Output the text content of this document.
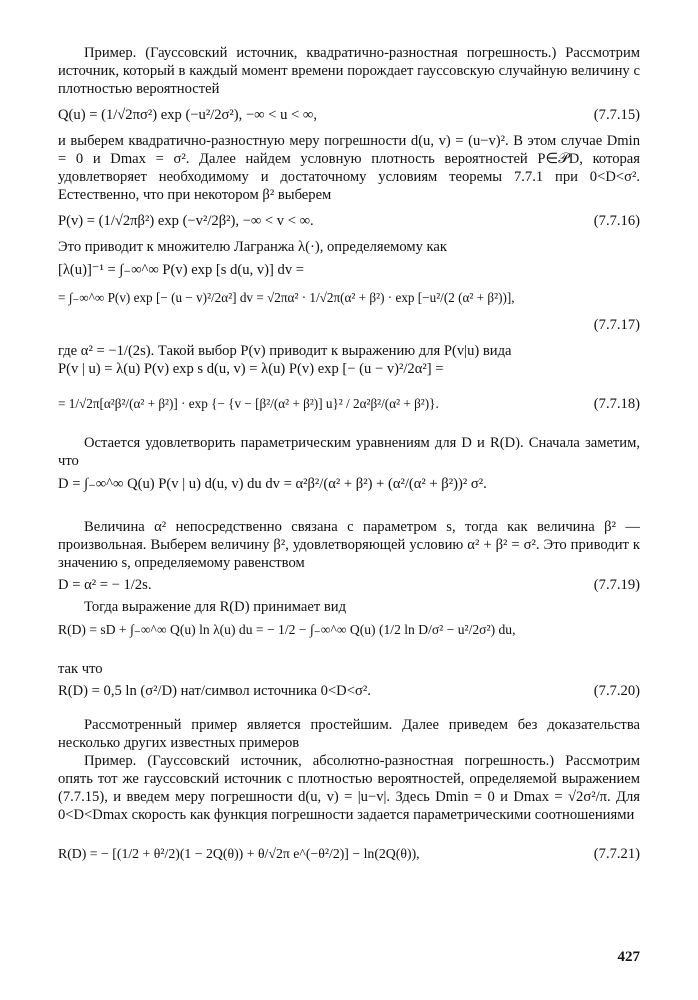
Пример. (Гауссовский источник, квадратично-разностная погрешность.) Рассмотрим источник, который в каждый момент времени порождает гауссовскую случайную величину с плотностью вероятностей

Q(u) = (1/√2πσ²) exp (−u²/2σ²), −∞ < u < ∞,	(7.7.15)

и выберем квадратично-разностную меру погрешности d(u, v) = (u−v)². В этом случае Dmin = 0 и Dmax = σ². Далее найдем условную плотность вероятностей P∈𝒫D, которая удовлетворяет необходимому и достаточному условиям теоремы 7.7.1 при 0<D<σ². Естественно, что при некотором β² выберем

P(v) = (1/√2πβ²) exp (−v²/2β²), −∞ < v < ∞.	(7.7.16)

Это приводит к множителю Лагранжа λ(·), определяемому как

[λ(u)]⁻¹ = ∫₋∞^∞ P(v) exp [s d(u, v)] dv =
= ∫₋∞^∞ P(v) exp [− (u − v)²/2α²] dv = √2πα² · 1/√2π(α² + β²) · exp [−u²/(2 (α² + β²))],
(7.7.17)

где α² = −1/(2s). Такой выбор P(v) приводит к выражению для P(v|u) вида

P(v | u) = λ(u) P(v) exp s d(u, v) = λ(u) P(v) exp [− (u − v)²/2α²] =
= 1/√2π[α²β²/(α² + β²)] · exp {− {v − [β²/(α² + β²)] u}² / 2α²β²/(α² + β²)}.	(7.7.18)

Остается удовлетворить параметрическим уравнениям для D и R(D). Сначала заметим, что

D = ∫₋∞^∞ Q(u) P(v | u) d(u, v) du dv = α²β²/(α² + β²) + (α²/(α² + β²))² σ².

Величина α² непосредственно связана с параметром s, тогда как величина β² — произвольная. Выберем величину β², удовлетворяющей условию α² + β² = σ². Это приводит к значению s, определяемому равенством

D = α² = − 1/2s.	(7.7.19)

Тогда выражение для R(D) принимает вид

R(D) = sD + ∫₋∞^∞ Q(u) ln λ(u) du = − 1/2 − ∫₋∞^∞ Q(u) (1/2 ln D/σ² − u²/2σ²) du,

так что

R(D) = 0,5 ln (σ²/D) нат/символ источника 0<D<σ².	(7.7.20)

Рассмотренный пример является простейшим. Далее приведем без доказательства несколько других известных примеров

Пример. (Гауссовский источник, абсолютно-разностная погрешность.) Рассмотрим опять тот же гауссовский источник с плотностью вероятностей, определяемой выражением (7.7.15), и введем меру погрешности d(u, v) = |u−v|. Здесь Dmin = 0 и Dmax = √2σ²/π. Для 0<D<Dmax скорость как функция погрешности задается параметрическими соотношениями

R(D) = − [(1/2 + θ²/2)(1 − 2Q(θ)) + θ/√2π e^(−θ²/2)] − ln(2Q(θ)),	(7.7.21)
427
